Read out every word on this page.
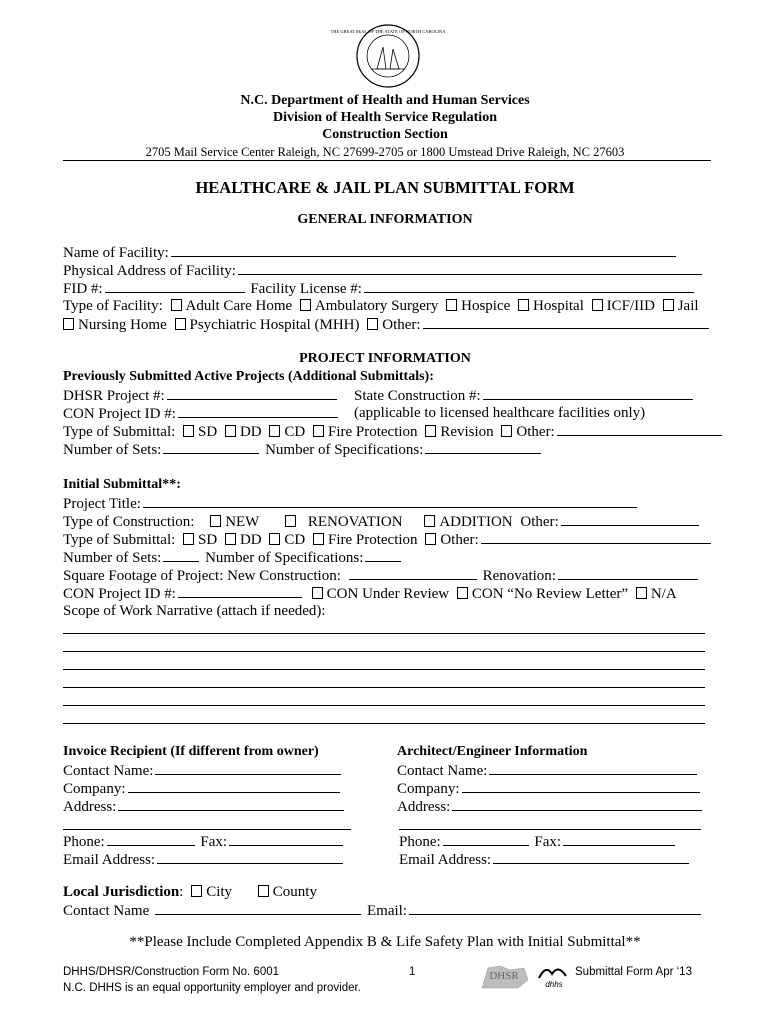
THE GREAT SEAL OF THE STATE OF NORTH CAROLINA
N.C. Department of Health and Human Services
Division of Health Service Regulation
Construction Section
2705 Mail Service Center Raleigh, NC 27699-2705 or 1800 Umstead Drive Raleigh, NC 27603
HEALTHCARE & JAIL PLAN SUBMITTAL FORM
GENERAL INFORMATION
Name of Facility:
Physical Address of Facility:
FID #:	Facility License #:
Type of Facility: Adult Care Home Ambulatory Surgery Hospice Hospital ICF/IID Jail
Nursing Home Psychiatric Hospital (MHH) Other:
PROJECT INFORMATION
Previously Submitted Active Projects (Additional Submittals):
DHSR Project #:	State Construction #:
CON Project ID #:	(applicable to licensed healthcare facilities only)
Type of Submittal: SD DD CD Fire Protection Revision Other:
Number of Sets:	Number of Specifications:
Initial Submittal**:
Project Title:
Type of Construction: NEW	RENOVATION ADDITION Other:
Type of Submittal: SD DD CD Fire Protection Other:
Number of Sets:	Number of Specifications:
Square Footage of Project: New Construction:	Renovation:
CON Project ID #:	CON Under Review CON “No Review Letter” N/A
Scope of Work Narrative (attach if needed):
Invoice Recipient (If different from owner)
Contact Name:
Company:
Address:
Phone:	Fax:
Email Address:
Architect/Engineer Information
Contact Name:
Company:
Address:
Phone:	Fax:
Email Address:
Local Jurisdiction: City	County
Contact Name	Email:
**Please Include Completed Appendix B & Life Safety Plan with Initial Submittal**
DHHS/DHSR/Construction Form No. 6001
N.C. DHHS is an equal opportunity employer and provider.
1	DHSR
dhhs
Submittal Form Apr ‘13
